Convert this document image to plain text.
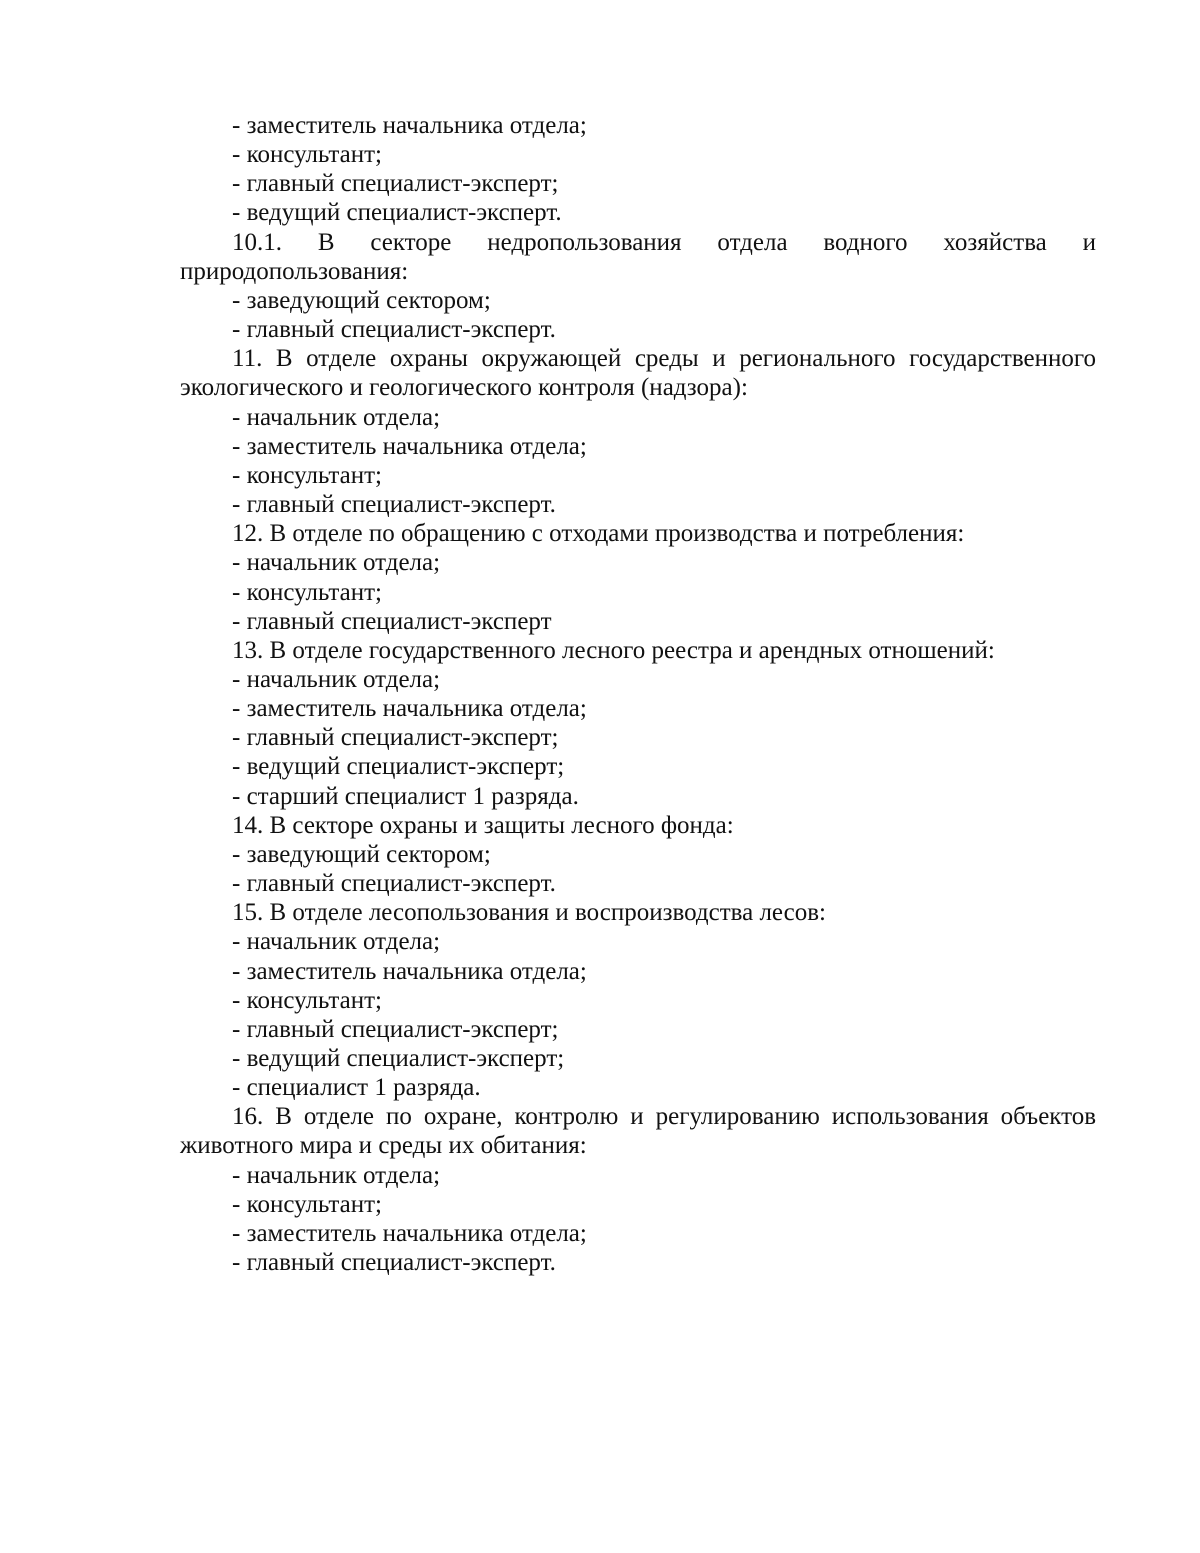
- заместитель начальника отдела;

- консультант;

- главный специалист-эксперт;

- ведущий специалист-эксперт.

10.1. В секторе недропользования отдела водного хозяйства и природопользования:

- заведующий сектором;

- главный специалист-эксперт.

11. В отделе охраны окружающей среды и регионального государственного экологического и геологического контроля (надзора):

- начальник отдела;

- заместитель начальника отдела;

- консультант;

- главный специалист-эксперт.

12. В отделе по обращению с отходами производства и потребления:

- начальник отдела;

- консультант;

- главный специалист-эксперт

13. В отделе государственного лесного реестра и арендных отношений:

- начальник отдела;

- заместитель начальника отдела;

- главный специалист-эксперт;

- ведущий специалист-эксперт;

- старший специалист 1 разряда.

14. В секторе охраны и защиты лесного фонда:

- заведующий сектором;

- главный специалист-эксперт.

15. В отделе лесопользования и воспроизводства лесов:

- начальник отдела;

- заместитель начальника отдела;

- консультант;

- главный специалист-эксперт;

- ведущий специалист-эксперт;

- специалист 1 разряда.

16. В отделе по охране, контролю и регулированию использования объектов животного мира и среды их обитания:

- начальник отдела;

- консультант;

- заместитель начальника отдела;

- главный специалист-эксперт.
